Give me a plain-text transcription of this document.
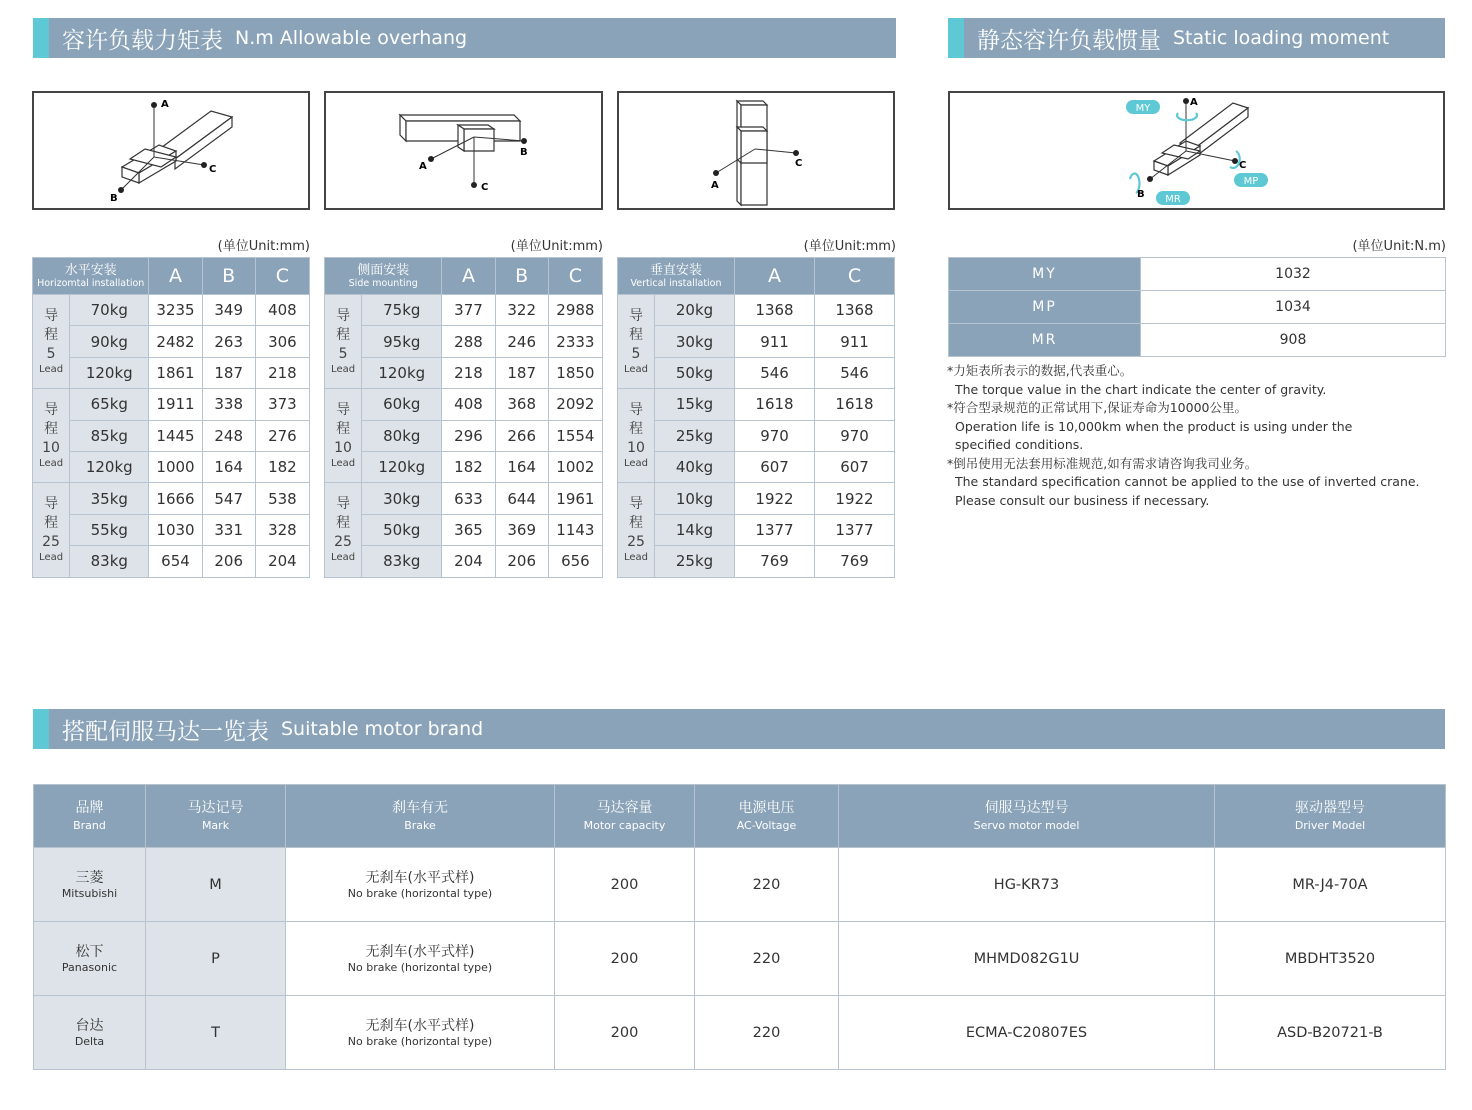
容许负载力矩表 N.m Allowable overhang	静态容许负载惯量 Static loading moment
搭配伺服马达一览表 Suitable motor brand
A
B
C	A
B
C	A
C
MY
MP
MR
A
B
C
(单位Unit:mm)	(单位Unit:mm)	(单位Unit:mm)	(单位Unit:N.m)
水平安装
Horizomtal installation		A	B	C

导
程
5
Lead	70kg	3235	349	408
	90kg	2482	263	306
	120kg	1861	187	218

导
程
10
Lead	65kg	1911	338	373
	85kg	1445	248	276
	120kg	1000	164	182

导
程
25
Lead	35kg	1666	547	538
	55kg	1030	331	328
	83kg	654	206	204
侧面安装
Side mounting		A	B	C

导
程
5
Lead	75kg	377	322	2988
	95kg	288	246	2333
	120kg	218	187	1850

导
程
10
Lead	60kg	408	368	2092
	80kg	296	266	1554
	120kg	182	164	1002

导
程
25
Lead	30kg	633	644	1961
	50kg	365	369	1143
	83kg	204	206	656
垂直安装
Vertical installation		A	C

导
程
5
Lead	20kg	1368	1368
	30kg	911	911
	50kg	546	546

导
程
10
Lead	15kg	1618	1618
	25kg	970	970
	40kg	607	607

导
程
25
Lead	10kg	1922	1922
	14kg	1377	1377
	25kg	769	769
MY	1032
MP	1034
MR	908
*力矩表所表示的数据,代表重心。
The torque value in the chart indicate the center of gravity.
*符合型录规范的正常试用下,保证寿命为10000公里。
Operation life is 10,000km when the product is using under the
specified conditions.
*倒吊使用无法套用标准规范,如有需求请咨询我司业务。
The standard specification cannot be applied to the use of inverted crane.
Please consult our business if necessary.
品牌
Brand	马达记号
Mark	刹车有无
Brake	马达容量
Motor capacity	电源电压
AC-Voltage	伺服马达型号
Servo motor model	驱动器型号
Driver Model

三菱
Mitsubishi	M	无刹车(水平式样)
No brake (horizontal type)	200	220	HG-KR73	MR-J4-70A

松下
Panasonic	P	无刹车(水平式样)
No brake (horizontal type)	200	220	MHMD082G1U	MBDHT3520

台达
Delta	T	无刹车(水平式样)
No brake (horizontal type)	200	220	ECMA-C20807ES	ASD-B20721-B
